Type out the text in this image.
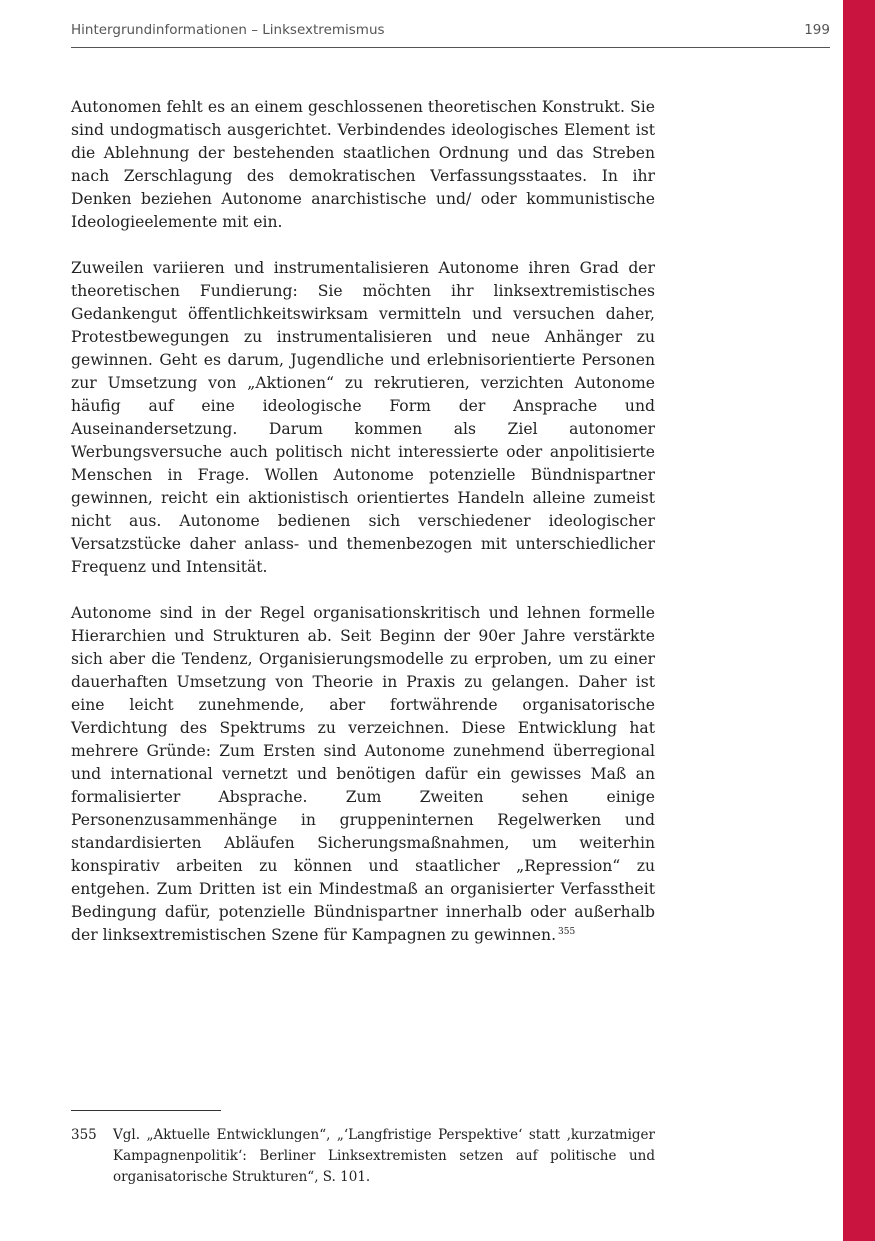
Hintergrundinformationen – Linksextremismus	199

Autonomen fehlt es an einem geschlossenen theoretischen Konstrukt. Sie sind undogmatisch ausgerichtet. Verbindendes ideologisches Element ist die Ablehnung der bestehenden staatlichen Ordnung und das Streben nach Zerschlagung des demokratischen Verfassungsstaates. In ihr Denken beziehen Autonome anarchistische und/ oder kommunistische Ideologieelemente mit ein.

Zuweilen variieren und instrumentalisieren Autonome ihren Grad der theoretischen Fundierung: Sie möchten ihr linksextremistisches Gedankengut öffentlichkeitswirksam vermitteln und versuchen daher, Protestbewegungen zu instrumentalisieren und neue Anhänger zu gewinnen. Geht es darum, Jugendliche und erlebnisorientierte Personen zur Umsetzung von „Aktionen“ zu rekrutieren, verzichten Autonome häufig auf eine ideologische Form der Ansprache und Auseinandersetzung. Darum kommen als Ziel autonomer Werbungsversuche auch politisch nicht interessierte oder anpolitisierte Menschen in Frage. Wollen Autonome potenzielle Bündnispartner gewinnen, reicht ein aktionistisch orientiertes Handeln alleine zumeist nicht aus. Autonome bedienen sich verschiedener ideologischer Versatzstücke daher anlass- und themenbezogen mit unterschiedlicher Frequenz und Intensität.

Autonome sind in der Regel organisationskritisch und lehnen formelle Hierarchien und Strukturen ab. Seit Beginn der 90er Jahre verstärkte sich aber die Tendenz, Organisierungsmodelle zu erproben, um zu einer dauerhaften Umsetzung von Theorie in Praxis zu gelangen. Daher ist eine leicht zunehmende, aber fortwährende organisatorische Verdichtung des Spektrums zu verzeichnen. Diese Entwicklung hat mehrere Gründe: Zum Ersten sind Autonome zunehmend überregional und international vernetzt und benötigen dafür ein gewisses Maß an formalisierter Absprache. Zum Zweiten sehen einige Personenzusammenhänge in gruppeninternen Regelwerken und standardisierten Abläufen Sicherungsmaßnahmen, um weiterhin konspirativ arbeiten zu können und staatlicher „Repression“ zu entgehen. Zum Dritten ist ein Mindestmaß an organisierter Verfasstheit Bedingung dafür, potenzielle Bündnispartner innerhalb oder außerhalb der linksextremistischen Szene für Kampagnen zu gewinnen. $^{355}$

355	Vgl. „Aktuelle Entwicklungen“, „‘Langfristige Perspektive‘ statt ‚kurzatmiger Kampagnenpolitik‘: Berliner Linksextremisten setzen auf politische und organisatorische Strukturen“, S. 101.
